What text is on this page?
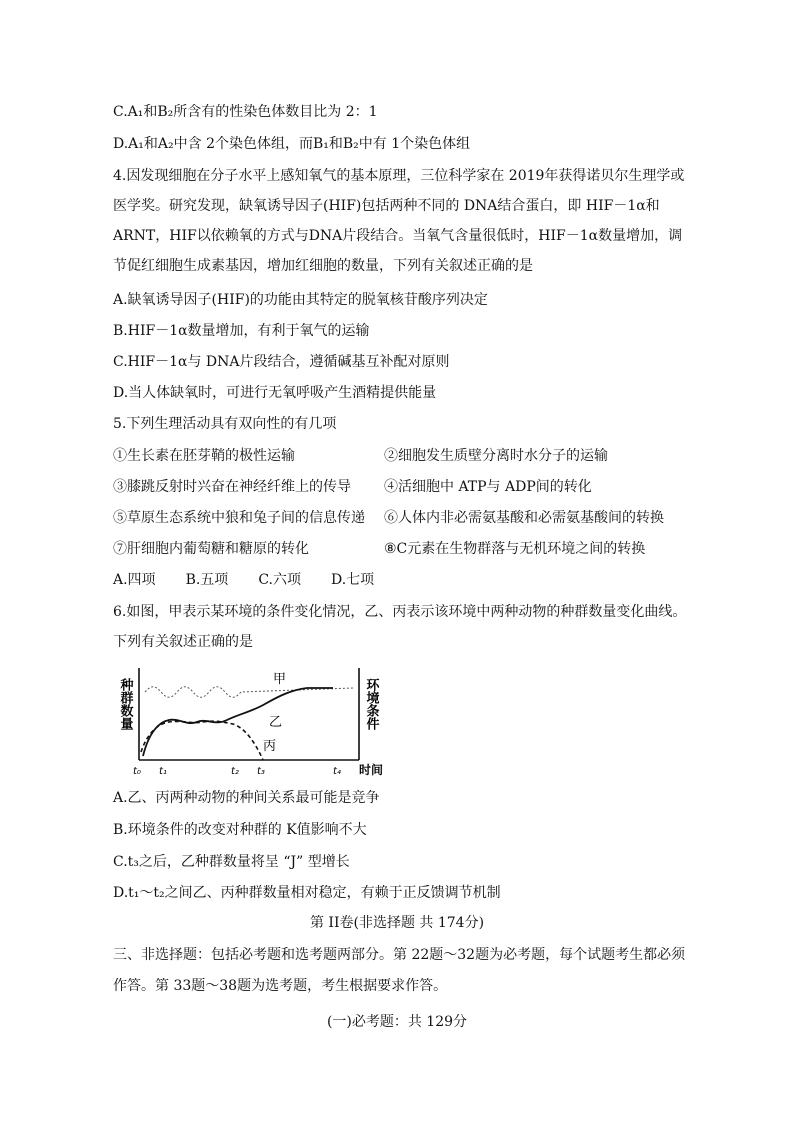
C.A₁和B₂所含有的性染色体数目比为 2：1
D.A₁和A₂中含 2个染色体组，而B₁和B₂中有 1个染色体组
4.因发现细胞在分子水平上感知氧气的基本原理，三位科学家在 2019年获得诺贝尔生理学或
医学奖。研究发现，缺氧诱导因子(HIF)包括两种不同的 DNA结合蛋白，即 HIF－1α和
ARNT，HIF以依赖氧的方式与DNA片段结合。当氧气含量很低时，HIF－1α数量增加，调
节促红细胞生成素基因，增加红细胞的数量，下列有关叙述正确的是
A.缺氧诱导因子(HIF)的功能由其特定的脱氧核苷酸序列决定
B.HIF－1α数量增加，有利于氧气的运输
C.HIF－1α与 DNA片段结合，遵循碱基互补配对原则
D.当人体缺氧时，可进行无氧呼吸产生酒精提供能量
5.下列生理活动具有双向性的有几项
①生长素在胚芽鞘的极性运输	②细胞发生质壁分离时水分子的运输
③膝跳反射时兴奋在神经纤维上的传导 ④活细胞中 ATP与 ADP间的转化
⑤草原生态系统中狼和兔子间的信息传递 ⑥人体内非必需氨基酸和必需氨基酸间的转换
⑦肝细胞内葡萄糖和糖原的转化	⑧C元素在生物群落与无机环境之间的转换
A.四项 B.五项 C.六项 D.七项
6.如图，甲表示某环境的条件变化情况，乙、丙表示该环境中两种动物的种群数量变化曲线。
下列有关叙述正确的是
种群数量	环境条件
甲
乙
丙
t₀ t₁	t₂ t₃	t₄ 时间
A.乙、丙两种动物的种间关系最可能是竞争
B.环境条件的改变对种群的 K值影响不大
C.t₃之后，乙种群数量将呈 “J” 型增长
D.t₁～t₂之间乙、丙种群数量相对稳定，有赖于正反馈调节机制
第 II卷(非选择题 共 174分)
三、非选择题：包括必考题和选考题两部分。第 22题～32题为必考题，每个试题考生都必须
作答。第 33题～38题为选考题，考生根据要求作答。
(一)必考题：共 129分
